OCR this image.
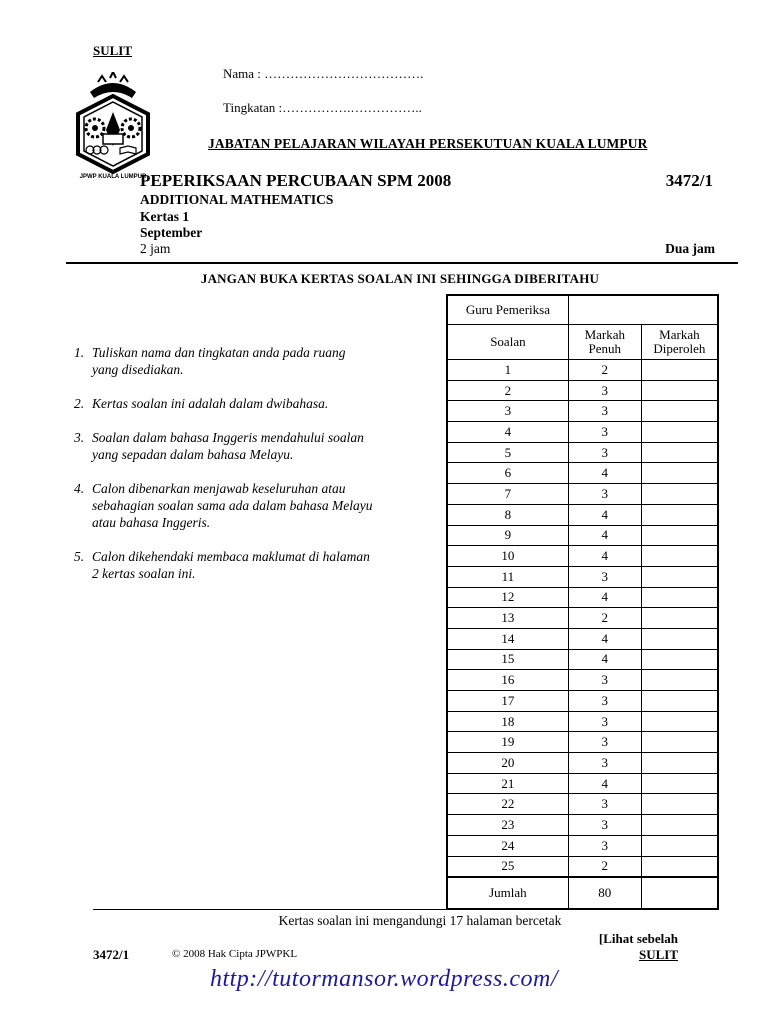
SULIT
JPWP KUALA LUMPUR
Nama : ……………………………….
Tingkatan :…………….……………..
JABATAN PELAJARAN WILAYAH PERSEKUTUAN KUALA LUMPUR
PEPERIKSAAN PERCUBAAN SPM 2008	3472/1
ADDITIONAL MATHEMATICS
Kertas 1
September
2 jam	Dua jam
JANGAN BUKA KERTAS SOALAN INI SEHINGGA DIBERITAHU
1. Tuliskan nama dan tingkatan anda pada ruang yang disediakan.
2. Kertas soalan ini adalah dalam dwibahasa.
3. Soalan dalam bahasa Inggeris mendahului soalan yang sepadan dalam bahasa Melayu.
4. Calon dibenarkan menjawab keseluruhan atau sebahagian soalan sama ada dalam bahasa Melayu atau bahasa Inggeris.
5. Calon dikehendaki membaca maklumat di halaman 2 kertas soalan ini.
Guru Pemeriksa		
Soalan	Markah Penuh	Markah Diperoleh
1	2	
2	3	
3	3	
4	3	
5	3	
6	4	
7	3	
8	4	
9	4	
10	4	
11	3	
12	4	
13	2	
14	4	
15	4	
16	3	
17	3	
18	3	
19	3	
20	3	
21	4	
22	3	
23	3	
24	3	
25	2	
Jumlah	80	
Kertas soalan ini mengandungi 17 halaman bercetak
[Lihat sebelah
3472/1	© 2008 Hak Cipta JPWPKL	SULIT
http://tutormansor.wordpress.com/
